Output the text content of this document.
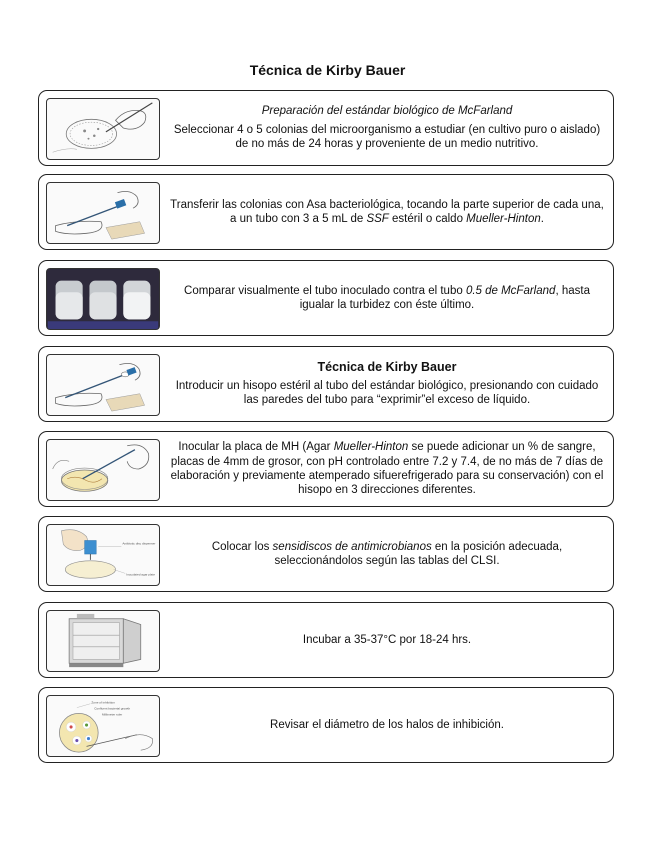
Técnica de Kirby Bauer

Preparación del estándar biológico de McFarland

Seleccionar 4 o 5 colonias del microorganismo a estudiar (en cultivo puro o aislado) de no más de 24 horas y proveniente de un medio nutritivo.

Transferir las colonias con Asa bacteriológica, tocando la parte superior de cada una, a un tubo con 3 a 5 mL de SSF estéril o caldo Mueller-Hinton.

Comparar visualmente el tubo inoculado contra el tubo 0.5 de McFarland, hasta igualar la turbidez con éste último.

Técnica de Kirby Bauer

Introducir un hisopo estéril al tubo del estándar biológico, presionando con cuidado las paredes del tubo para “exprimir”el exceso de líquido.

Inocular la placa de MH (Agar Mueller-Hinton se puede adicionar un % de sangre, placas de 4mm de grosor, con pH controlado entre 7.2 y 7.4, de no más de 7 días de elaboración y previamente atemperado sifuerefrigerado para su conservación) con el hisopo en 3 direcciones diferentes.

Antibiotic disc dispenser
Inoculated agar plate

Colocar los sensidiscos de antimicrobianos en la posición adecuada, seleccionándolos según las tablas del CLSI.

Incubar a 35-37°C por 18-24 hrs.

Zone of inhibition
Confluent bacterial growth
Millimeter ruler

Revisar el diámetro de los halos de inhibición.
